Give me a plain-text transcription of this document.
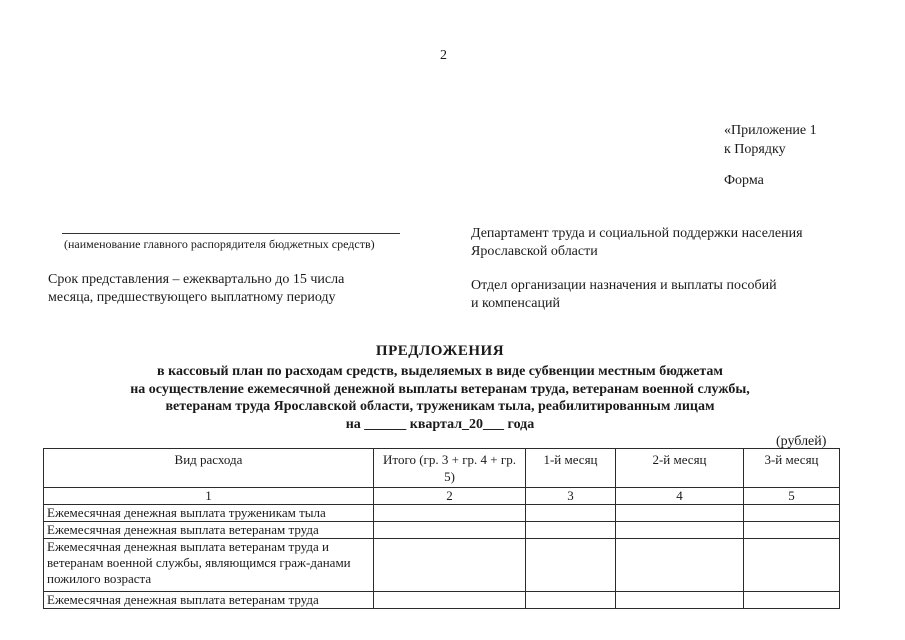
2
«Приложение 1
к Порядку
Форма
(наименование главного распорядителя бюджетных средств)
Департамент труда и социальной поддержки населения
Ярославской области
Срок представления – ежеквартально до 15 числа
месяца, предшествующего выплатному периоду
Отдел организации назначения и выплаты пособий
и компенсаций
ПРЕДЛОЖЕНИЯ
в кассовый план по расходам средств, выделяемых в виде субвенции местным бюджетам
на осуществление ежемесячной денежной выплаты ветеранам труда, ветеранам военной службы,
ветеранам труда Ярославской области, труженикам тыла, реабилитированным лицам
на ______ квартал_20___ года
(рублей)
Вид расхода	Итого (гр. 3 + гр. 4 + гр. 5)	1-й месяц	2-й месяц	3-й месяц
1	2	3	4	5
Ежемесячная денежная выплата труженикам тыла				
Ежемесячная денежная выплата ветеранам труда				
Ежемесячная денежная выплата ветеранам труда и ветеранам военной службы, являющимся граж-данами пожилого возраста				
Ежемесячная денежная выплата ветеранам труда				
